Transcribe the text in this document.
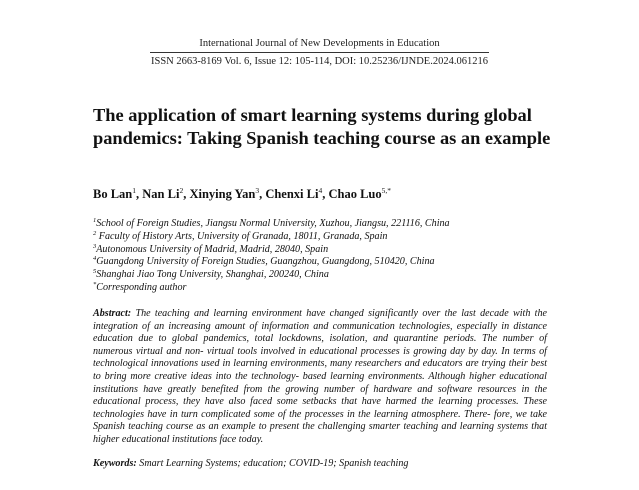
International Journal of New Developments in Education
ISSN 2663-8169 Vol. 6, Issue 12: 105-114, DOI: 10.25236/IJNDE.2024.061216
The application of smart learning systems during global pandemics: Taking Spanish teaching course as an example
Bo Lan$^1$, Nan Li$^2$, Xinying Yan$^3$, Chenxi Li$^4$, Chao Luo$^{5,*}$
$^1$School of Foreign Studies, Jiangsu Normal University, Xuzhou, Jiangsu, 221116, China
$^2$ Faculty of History Arts, University of Granada, 18011, Granada, Spain
$^3$Autonomous University of Madrid, Madrid, 28040, Spain
$^4$Guangdong University of Foreign Studies, Guangzhou, Guangdong, 510420, China
$^5$Shanghai Jiao Tong University, Shanghai, 200240, China
*Corresponding author
Abstract: The teaching and learning environment have changed significantly over the last decade with the integration of an increasing amount of information and communication technologies, especially in distance education due to global pandemics, total lockdowns, isolation, and quarantine periods. The number of numerous virtual and non- virtual tools involved in educational processes is growing day by day. In terms of technological innovations used in learning environments, many researchers and educators are trying their best to bring more creative ideas into the technology- based learning environments. Although higher educational institutions have greatly benefited from the growing number of hardware and software resources in the educational process, they have also faced some setbacks that have harmed the learning processes. These technologies have in turn complicated some of the processes in the learning atmosphere. There- fore, we take Spanish teaching course as an example to present the challenging smarter teaching and learning systems that higher educational institutions face today.
Keywords: Smart Learning Systems; education; COVID-19; Spanish teaching
